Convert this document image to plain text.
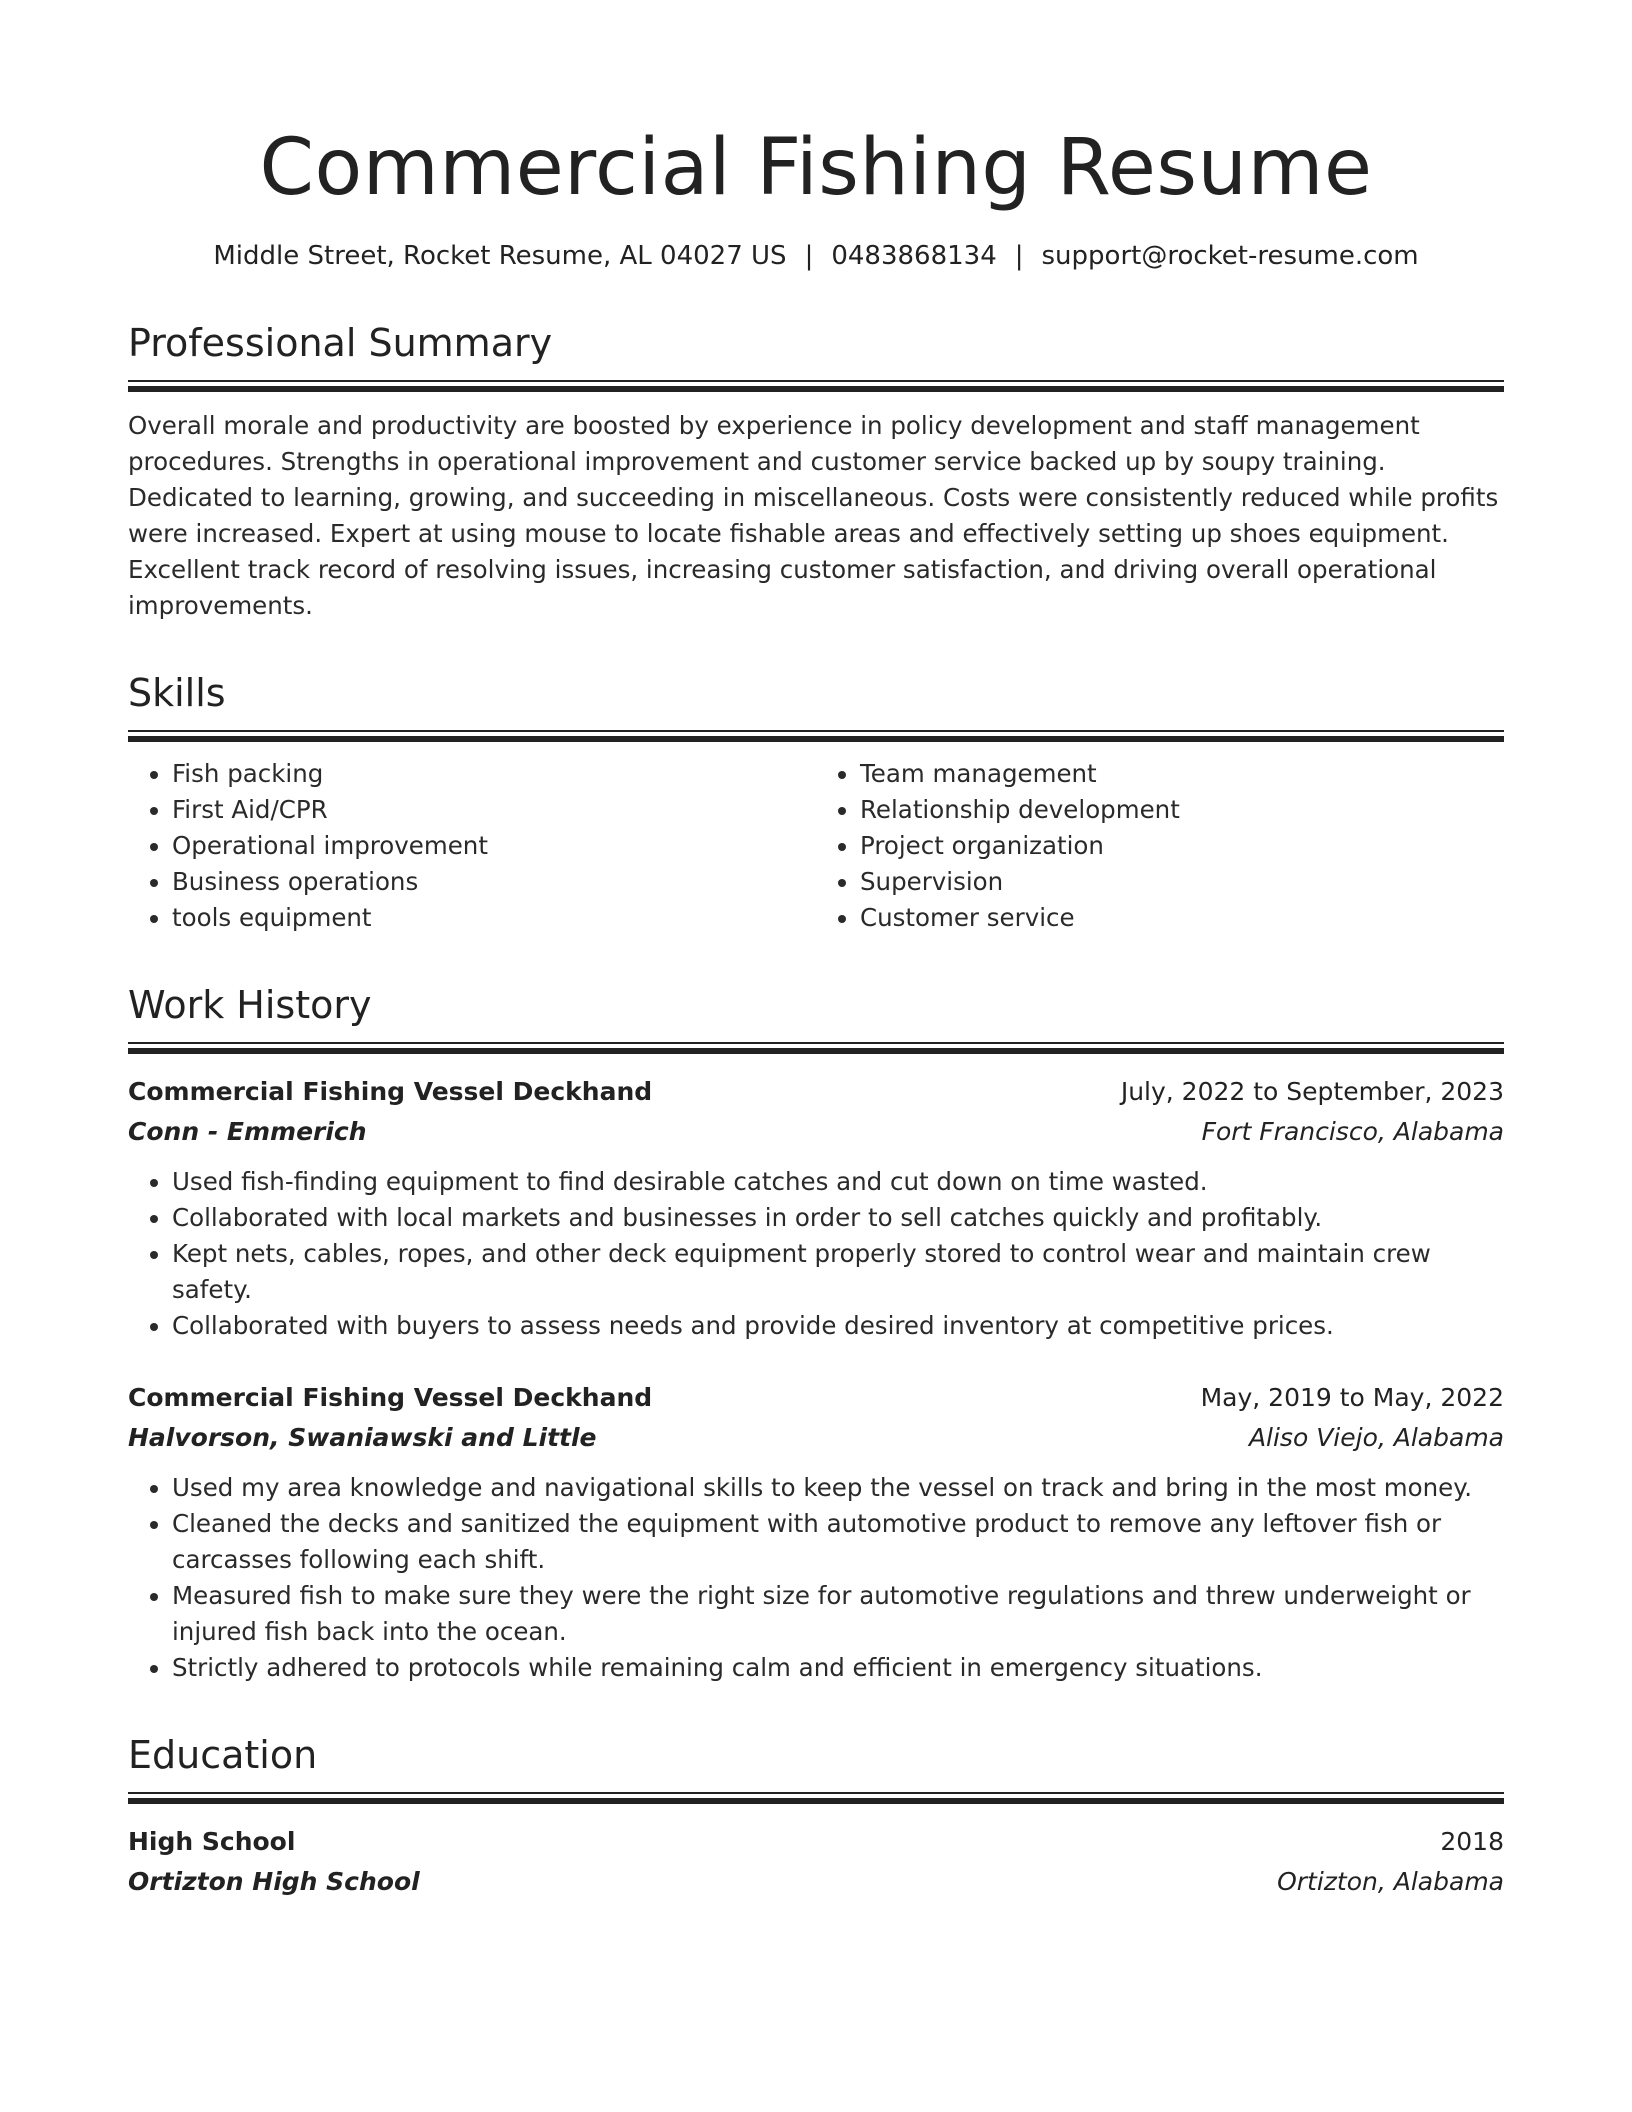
Commercial Fishing Resume
Middle Street, Rocket Resume, AL 04027 US | 0483868134 | support@rocket-resume.com
Professional Summary
Overall morale and productivity are boosted by experience in policy development and staff management procedures. Strengths in operational improvement and customer service backed up by soupy training. Dedicated to learning, growing, and succeeding in miscellaneous. Costs were consistently reduced while profits were increased. Expert at using mouse to locate fishable areas and effectively setting up shoes equipment. Excellent track record of resolving issues, increasing customer satisfaction, and driving overall operational improvements.
Skills
• Fish packing
• First Aid/CPR
• Operational improvement
• Business operations
• tools equipment
• Team management
• Relationship development
• Project organization
• Supervision
• Customer service
Work History
Commercial Fishing Vessel Deckhand	July, 2022 to September, 2023
Conn - Emmerich	Fort Francisco, Alabama
• Used fish-finding equipment to find desirable catches and cut down on time wasted.
• Collaborated with local markets and businesses in order to sell catches quickly and profitably.
• Kept nets, cables, ropes, and other deck equipment properly stored to control wear and maintain crew safety.
• Collaborated with buyers to assess needs and provide desired inventory at competitive prices.
Commercial Fishing Vessel Deckhand	May, 2019 to May, 2022
Halvorson, Swaniawski and Little	Aliso Viejo, Alabama
• Used my area knowledge and navigational skills to keep the vessel on track and bring in the most money.
• Cleaned the decks and sanitized the equipment with automotive product to remove any leftover fish or carcasses following each shift.
• Measured fish to make sure they were the right size for automotive regulations and threw underweight or injured fish back into the ocean.
• Strictly adhered to protocols while remaining calm and efficient in emergency situations.
Education
High School	2018
Ortizton High School	Ortizton, Alabama
